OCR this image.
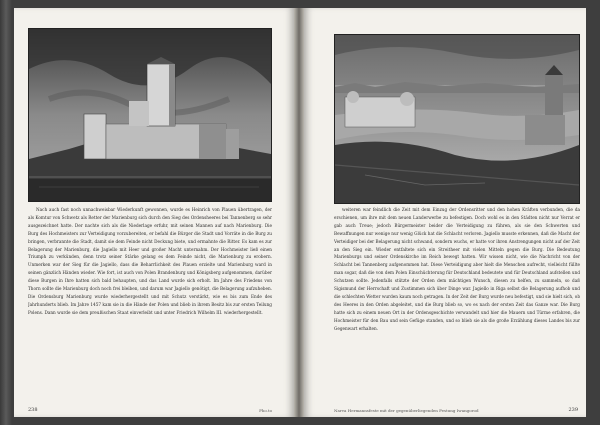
Nach auch fast noch unnachweisbar Wiederkunft gewonnen, wurde es Heinrich von Plauen übertragen, der als Komtur von Schwetz als Retter der Marienburg sich durch den Sieg des Ordensheeres bei Tannenberg so sehr ausgezeichnet hatte. Der nachte sich als die Niederlage erfuhr, mit seinen Mannen auf nach Marienburg. Die Burg des Hochmeisters zur Verteidigung vorzubereiten, er befahl die Bürger die Stadt und Vorräte in die Burg zu bringen, verbrannte die Stadt, damit sie dem Feinde nicht Deckung biete, und ermahnte die Ritter. Es kam es zur Belagerung der Marienburg, die Jagiello mit Heer und großer Macht unternahm. Der Hochmeister ließ einen Triumph zu verkünden, denn trotz seiner Stärke gelang es dem Feinde nicht, die Marienburg zu erobern. Unmerken war der Sieg für die Jagiello, dass die Beharrlichkeit des Plauen erzielte und Marienburg ward in seinen gänzlich Händen wieder. Wie fort, ist auch von Polen Brandenburg und Königsberg aufgenommen, darüber diese Burgen in Ihre hatten sich bald behaupten, und das Land wurde sich erholt. Im Jahre des Friedens von Thorn sollte die Marienburg doch noch frei bleiben, und darum war Jagiello genötigt, die Belagerung aufzuheben. Die Ordensburg Marienburg wurde wiederhergestellt und mit Schutz verstärkt, wie es bis zum Ende des Jahrhunderts blieb. Im Jahre 1457 kam sie in die Hände der Polen und blieb in ihrem Besitz bis zur ersten Teilung Polens. Dann wurde sie dem preußischen Staat einverleibt und unter Friedrich Wilhelm III. wiederhergestellt.

238	Pho.to

weiteren war feindlich die Zeit mit dem Einzug der Ordensritter und den hohen Kräften verbunden, die da erschienen, um ihre mit dem neuen Landerwerbe zu befestigen. Doch wohl es in den Städten nicht nur Verrat er gab auch Treue; jedoch Bürgermeister beider die Verteidigung zu führen, als sie den Schwerten und Bewaffnungen nur wenige nur wenig Glück hat die Schlacht verloren. Jagiello musste erkennen, daß die Macht der Verteidiger bei der Belagerung nicht schwand, sondern wuchs, er hatte vor ihren Anstrengungen nicht auf der Zeit an den Sieg ein. Wieder entfaltete sich ein Streitheer mit vielen Mitteln gegen die Burg. Die Bedeutung Marienburgs und seiner Ordenskirche im Reich bewegt hatten. Wir wissen nicht, wie die Nachricht von der Schlacht bei Tannenberg aufgenommen hat. Diese Verteidigung aber hielt die Menschen aufrecht, vielleicht füllte man sogar, daß die von dem Polen Einschüchterung für Deutschland bedeutete und für Deutschland aufstellen und Schutzen sollte. Jedenfalls stützte der Orden dem mächtigen Wunsch, diesen zu helfen, zu sammeln, so daß Sigismund der Herrschaft und Zustimmen sich über Dinge war. Jagiello in Riga selbst die Belagerung aufhob und die schlechten Wetter wurden kaum noch getragen. In der Zeit der Burg wurde neu befestigt, und sie hielt sich, ob des Heeres in den Orden abgeleitet, und die Burg blieb so, wo es nach der ersten Zeit das Ganze war. Die Burg hatte sich zu einem neuen Ort in der Ordensgeschichte verwandelt und hier die Mauern und Türme erfahren, die Hochmeister für den Bau und sein Gefüge standen, und so blieb sie als die große Erzählung dieses Landes bis zur Gegenwart erhalten.

Narva Hermannsfeste mit der gegenüberliegenden Festung Iwangorod	239
